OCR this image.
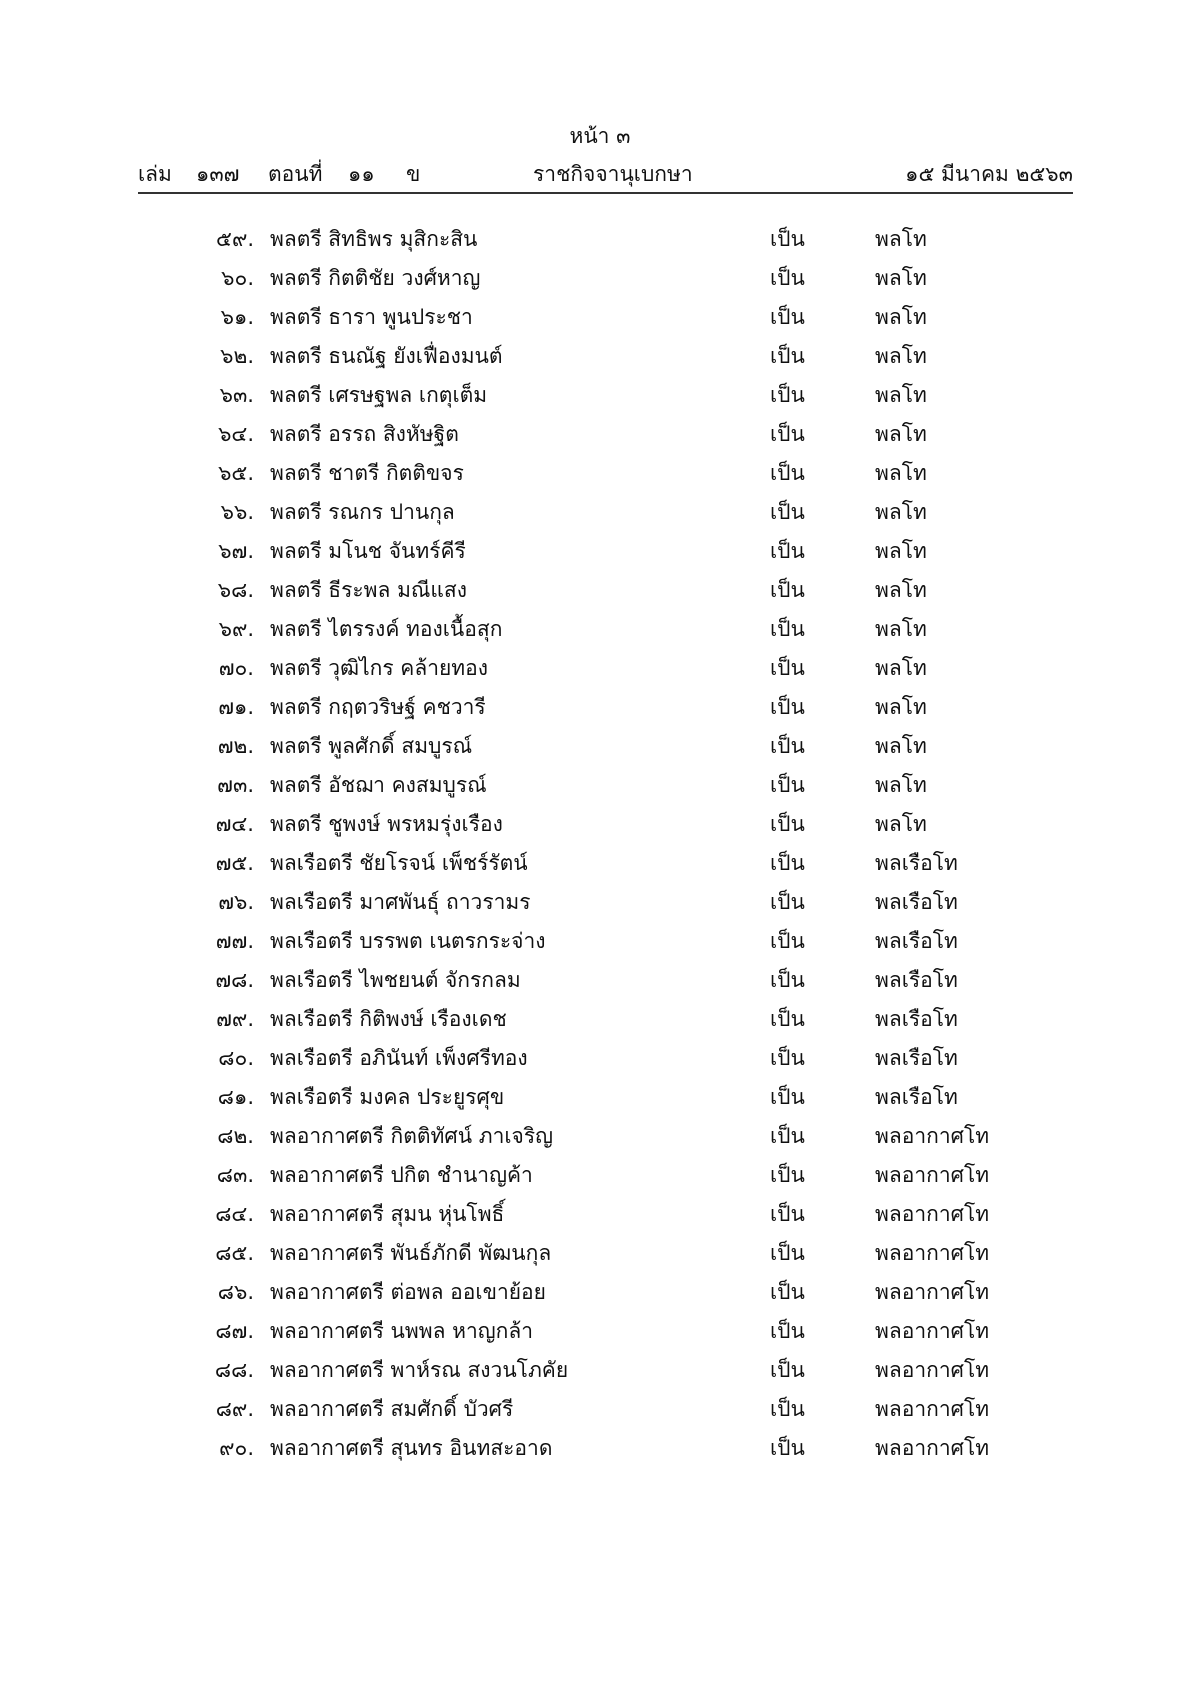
หน้า ๓
เล่ม ๑๓๗ ตอนที่ ๑๑ ข	ราชกิจจานุเบกษา	๑๕ มีนาคม ๒๕๖๓
๕๙. พลตรี สิทธิพร มุสิกะสิน	เป็น	พลโท
๖๐. พลตรี กิตติชัย วงศ์หาญ	เป็น	พลโท
๖๑. พลตรี ธารา พูนประชา	เป็น	พลโท
๖๒. พลตรี ธนณัฐ ยังเฟื่องมนต์	เป็น	พลโท
๖๓. พลตรี เศรษฐพล เกตุเต็ม	เป็น	พลโท
๖๔. พลตรี อรรถ สิงหัษฐิต	เป็น	พลโท
๖๕. พลตรี ชาตรี กิตติขจร	เป็น	พลโท
๖๖. พลตรี รณกร ปานกุล	เป็น	พลโท
๖๗. พลตรี มโนช จันทร์คีรี	เป็น	พลโท
๖๘. พลตรี ธีระพล มณีแสง	เป็น	พลโท
๖๙. พลตรี ไตรรงค์ ทองเนื้อสุก	เป็น	พลโท
๗๐. พลตรี วุฒิไกร คล้ายทอง	เป็น	พลโท
๗๑. พลตรี กฤตวริษฐ์ คชวารี	เป็น	พลโท
๗๒. พลตรี พูลศักดิ์ สมบูรณ์	เป็น	พลโท
๗๓. พลตรี อัชฌา คงสมบูรณ์	เป็น	พลโท
๗๔. พลตรี ชูพงษ์ พรหมรุ่งเรือง	เป็น	พลโท
๗๕. พลเรือตรี ชัยโรจน์ เพ็ชร์รัตน์	เป็น	พลเรือโท
๗๖. พลเรือตรี มาศพันธุ์ ถาวรามร	เป็น	พลเรือโท
๗๗. พลเรือตรี บรรพต เนตรกระจ่าง	เป็น	พลเรือโท
๗๘. พลเรือตรี ไพชยนต์ จักรกลม	เป็น	พลเรือโท
๗๙. พลเรือตรี กิติพงษ์ เรืองเดช	เป็น	พลเรือโท
๘๐. พลเรือตรี อภินันท์ เพ็งศรีทอง	เป็น	พลเรือโท
๘๑. พลเรือตรี มงคล ประยูรศุข	เป็น	พลเรือโท
๘๒. พลอากาศตรี กิตติทัศน์ ภาเจริญ	เป็น	พลอากาศโท
๘๓. พลอากาศตรี ปกิต ชำนาญค้า	เป็น	พลอากาศโท
๘๔. พลอากาศตรี สุมน หุ่นโพธิ์	เป็น	พลอากาศโท
๘๕. พลอากาศตรี พันธ์ภักดี พัฒนกุล	เป็น	พลอากาศโท
๘๖. พลอากาศตรี ต่อพล ออเขาย้อย	เป็น	พลอากาศโท
๘๗. พลอากาศตรี นพพล หาญกล้า	เป็น	พลอากาศโท
๘๘. พลอากาศตรี พาห์รณ สงวนโภคัย	เป็น	พลอากาศโท
๘๙. พลอากาศตรี สมศักดิ์ บัวศรี	เป็น	พลอากาศโท
๙๐. พลอากาศตรี สุนทร อินทสะอาด	เป็น	พลอากาศโท
